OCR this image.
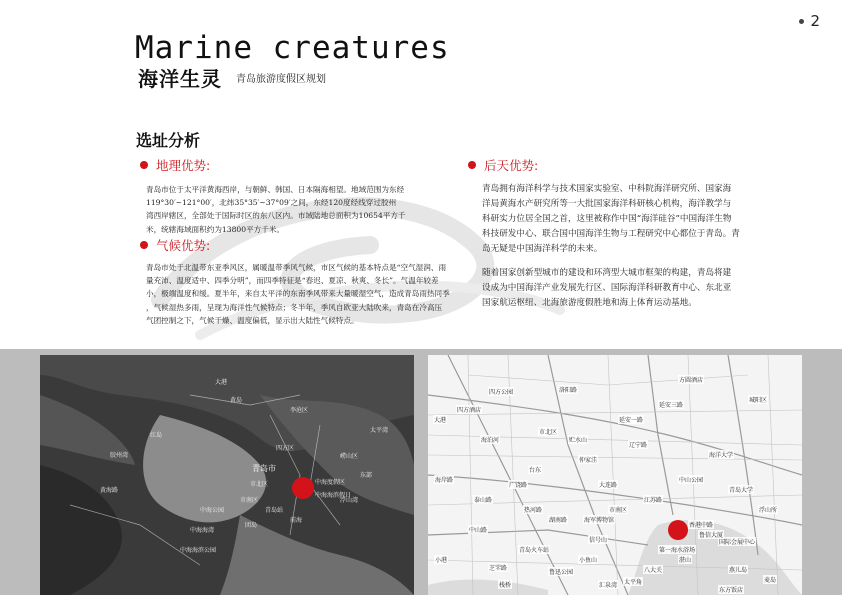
2
Marine creatures
海洋生灵 青岛旅游度假区规划
选址分析
地理优势:
青岛市位于太平洋黄海西岸，与朝鲜、韩国、日本隔海相望。地域范围为东经
119°30′~121°00′，北纬35°35′~37°09′之间，东经120度经线穿过胶州
湾西岸辖区，全部处于国际时区的东八区内。市域陆地总面积为10654平方千
米，统辖海域面积约为13800平方千米。
气候优势:
青岛市处于北温带东亚季风区，属暖温带季风气候，市区气候的基本特点是“空气湿润、雨
量充沛、温度适中、四季分明”，而四季特征是“春迟、夏凉、秋爽、冬长”。气温年较差
小，极端温度和缓。夏半年，来自太平洋的东南季风带来大量暖湿空气，造成青岛雨热同季
，气候湿热多雨，呈现为海洋性气候特点；冬半年，季风自欧亚大陆吹来，青岛在冷高压
气团控制之下，气候干燥、温度偏低，显示出大陆性气候特点。
后天优势:
青岛拥有海洋科学与技术国家实验室、中科院海洋研究所、国家海
洋局黄海水产研究所等一大批国家海洋科研核心机构，海洋教学与
科研实力位居全国之首，这里被称作中国“海洋硅谷”中国海洋生物
科技研发中心、联合国中国海洋生物与工程研究中心都位于青岛。青
岛无疑是中国海洋科学的未来。
随着国家创新型城市的建设和环湾型大城市框架的构建，青岛将建
设成为中国海洋产业发展先行区、国际海洋科研教育中心、东北亚
国家航运枢纽、北海旅游度假胜地和海上体育运动基地。
大港
黄岛
青岛市
四方区
市北区
市南区
李沧区
崂山区
中海海湾
中海度假区
中海公园
中海海滨公园
黄海路
红岛
胶州湾
青岛站
团岛
前海
浮山湾
太平湾
东部
中海海滨假日
大港
小港
四方酒店
四方公园	洛阳路
台东
中山路
仲家洼
市北区
市南区
海泊河
海岸路
湛山
八大关
太平角
小鱼山
鲁迅公园
信号山
栈桥	汇泉湾
第一海水浴场
海军博物馆
东方饭店
青岛大学
浮山所
香港中路
延安一路
延安三路
辽宁路
热河路
大连路
江苏路
中山公园
青岛火车站
贮水山
海洋大学
国际会展中心
城阳区
泰山路
广饶路
湖南路
芝罘路
方圆酒店
燕儿岛
麦岛
鲁信大厦
